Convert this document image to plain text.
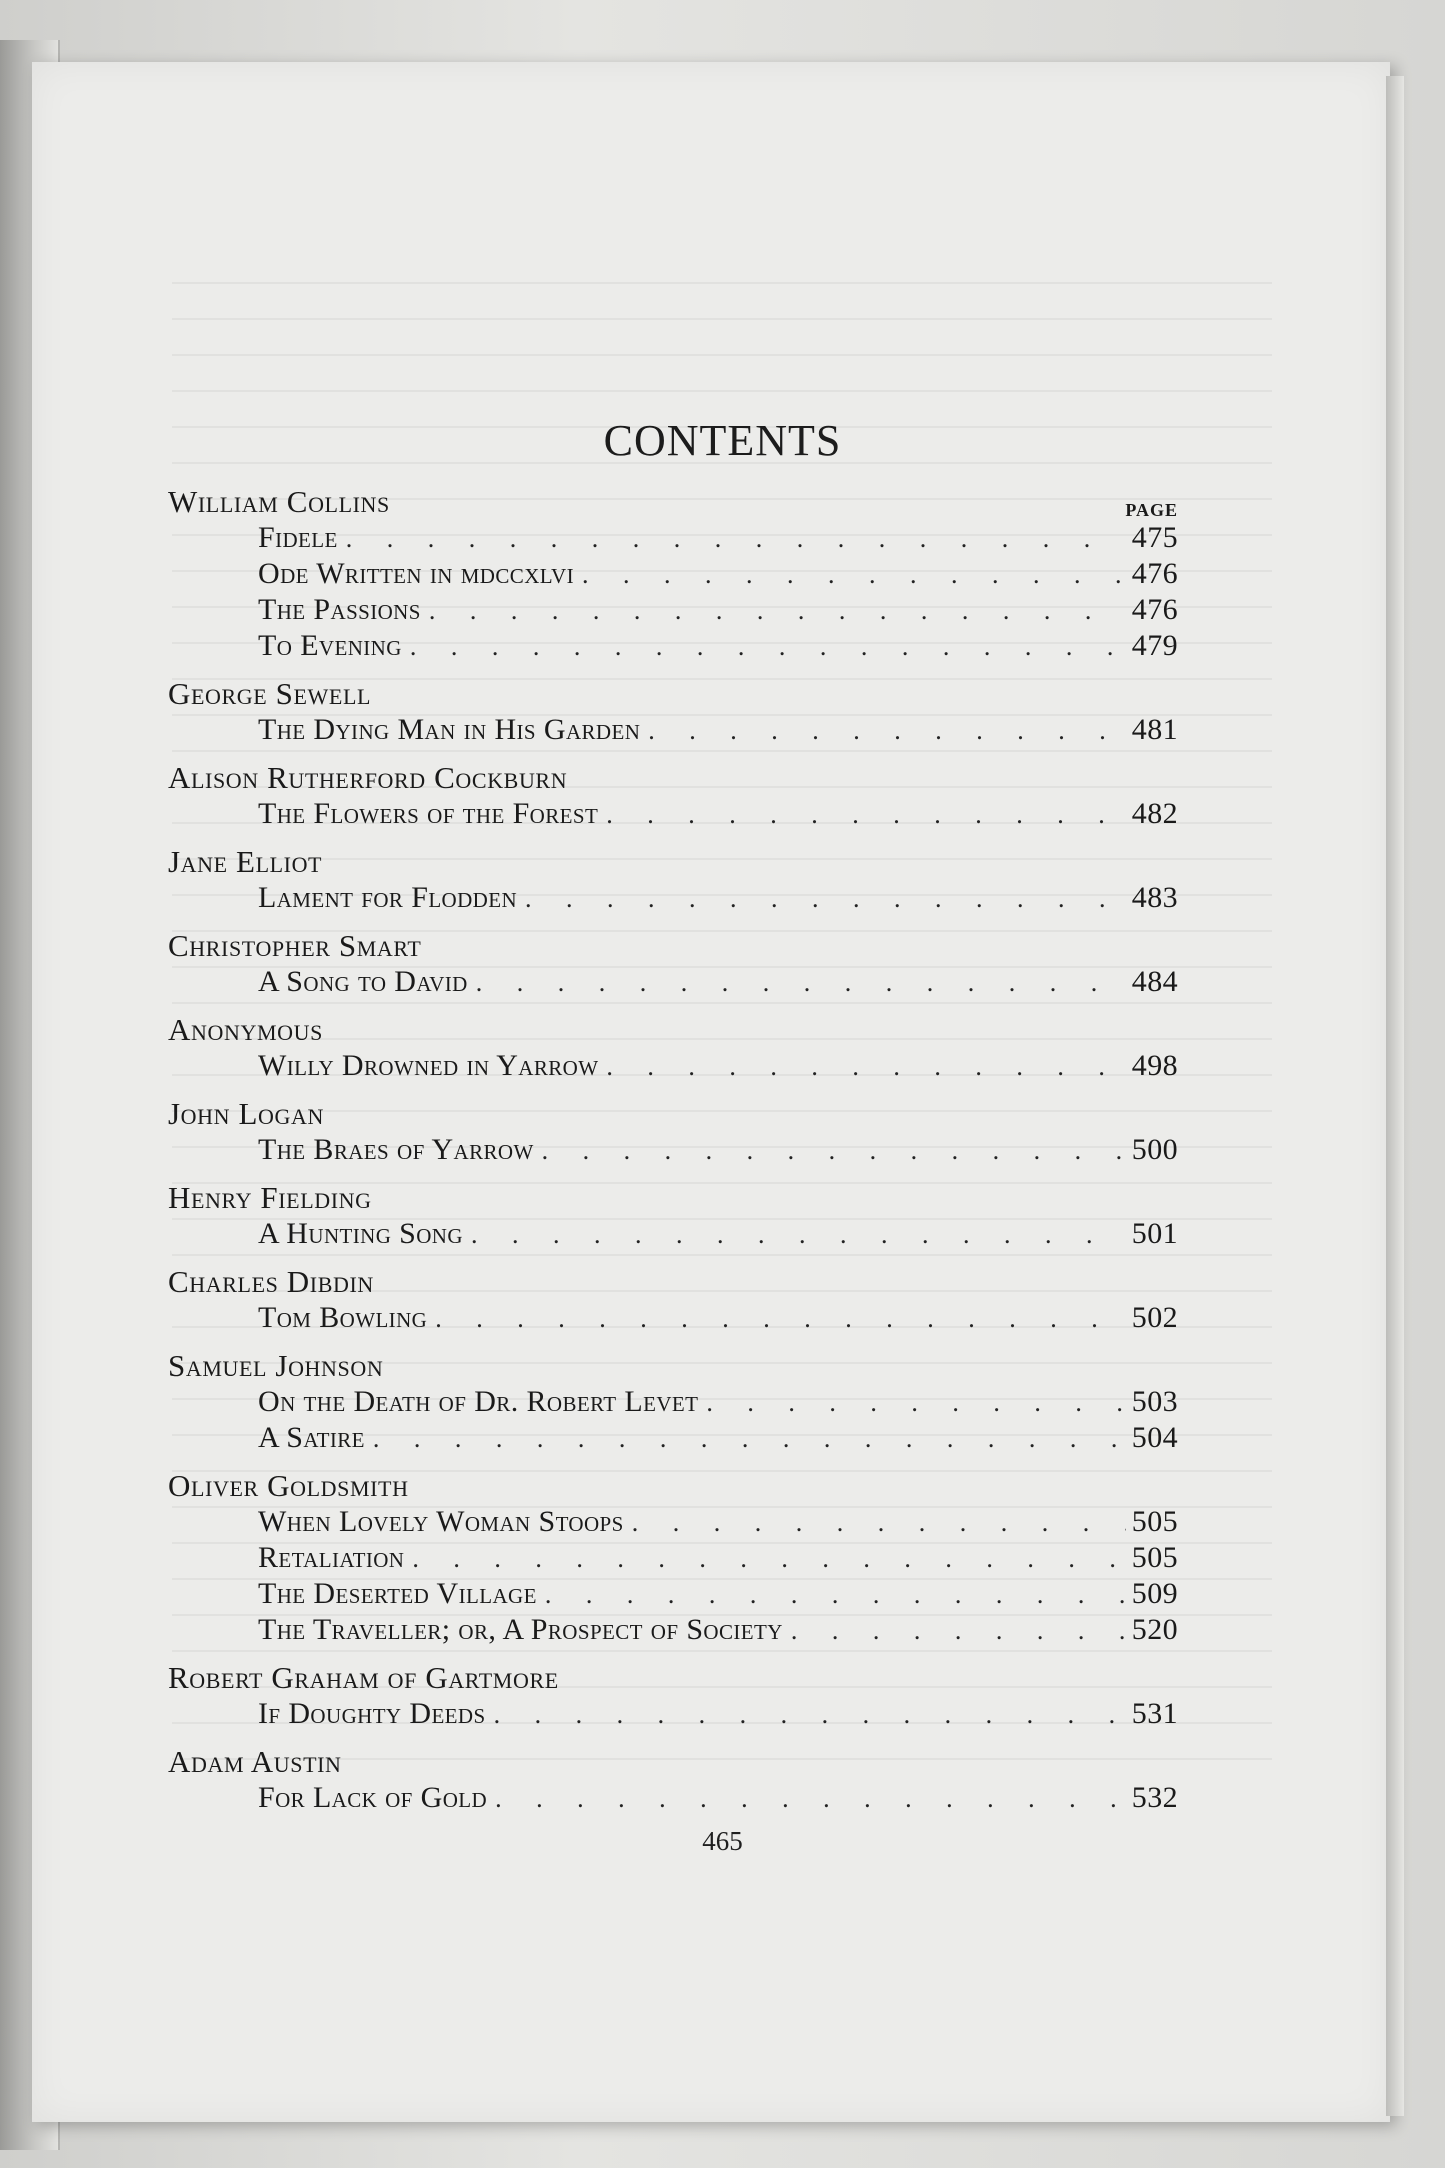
CONTENTS
William Collins	PAGE
Fidele . . .	475
Ode Written in mdccxlvi . . .	476
The Passions . . .	476
To Evening . . .	479
George Sewell
The Dying Man in His Garden . . .	481
Alison Rutherford Cockburn
The Flowers of the Forest . . .	482
Jane Elliot
Lament for Flodden . . .	483
Christopher Smart
A Song to David . . .	484
Anonymous
Willy Drowned in Yarrow . . .	498
John Logan
The Braes of Yarrow . . .	500
Henry Fielding
A Hunting Song . . .	501
Charles Dibdin
Tom Bowling . . .	502
Samuel Johnson
On the Death of Dr. Robert Levet . . .	503
A Satire . . .	504
Oliver Goldsmith
When Lovely Woman Stoops . . .	505
Retaliation . . .	505
The Deserted Village . . .	509
The Traveller; or, A Prospect of Society . . .	520
Robert Graham of Gartmore
If Doughty Deeds . . .	531
Adam Austin
For Lack of Gold . . .	532
465
